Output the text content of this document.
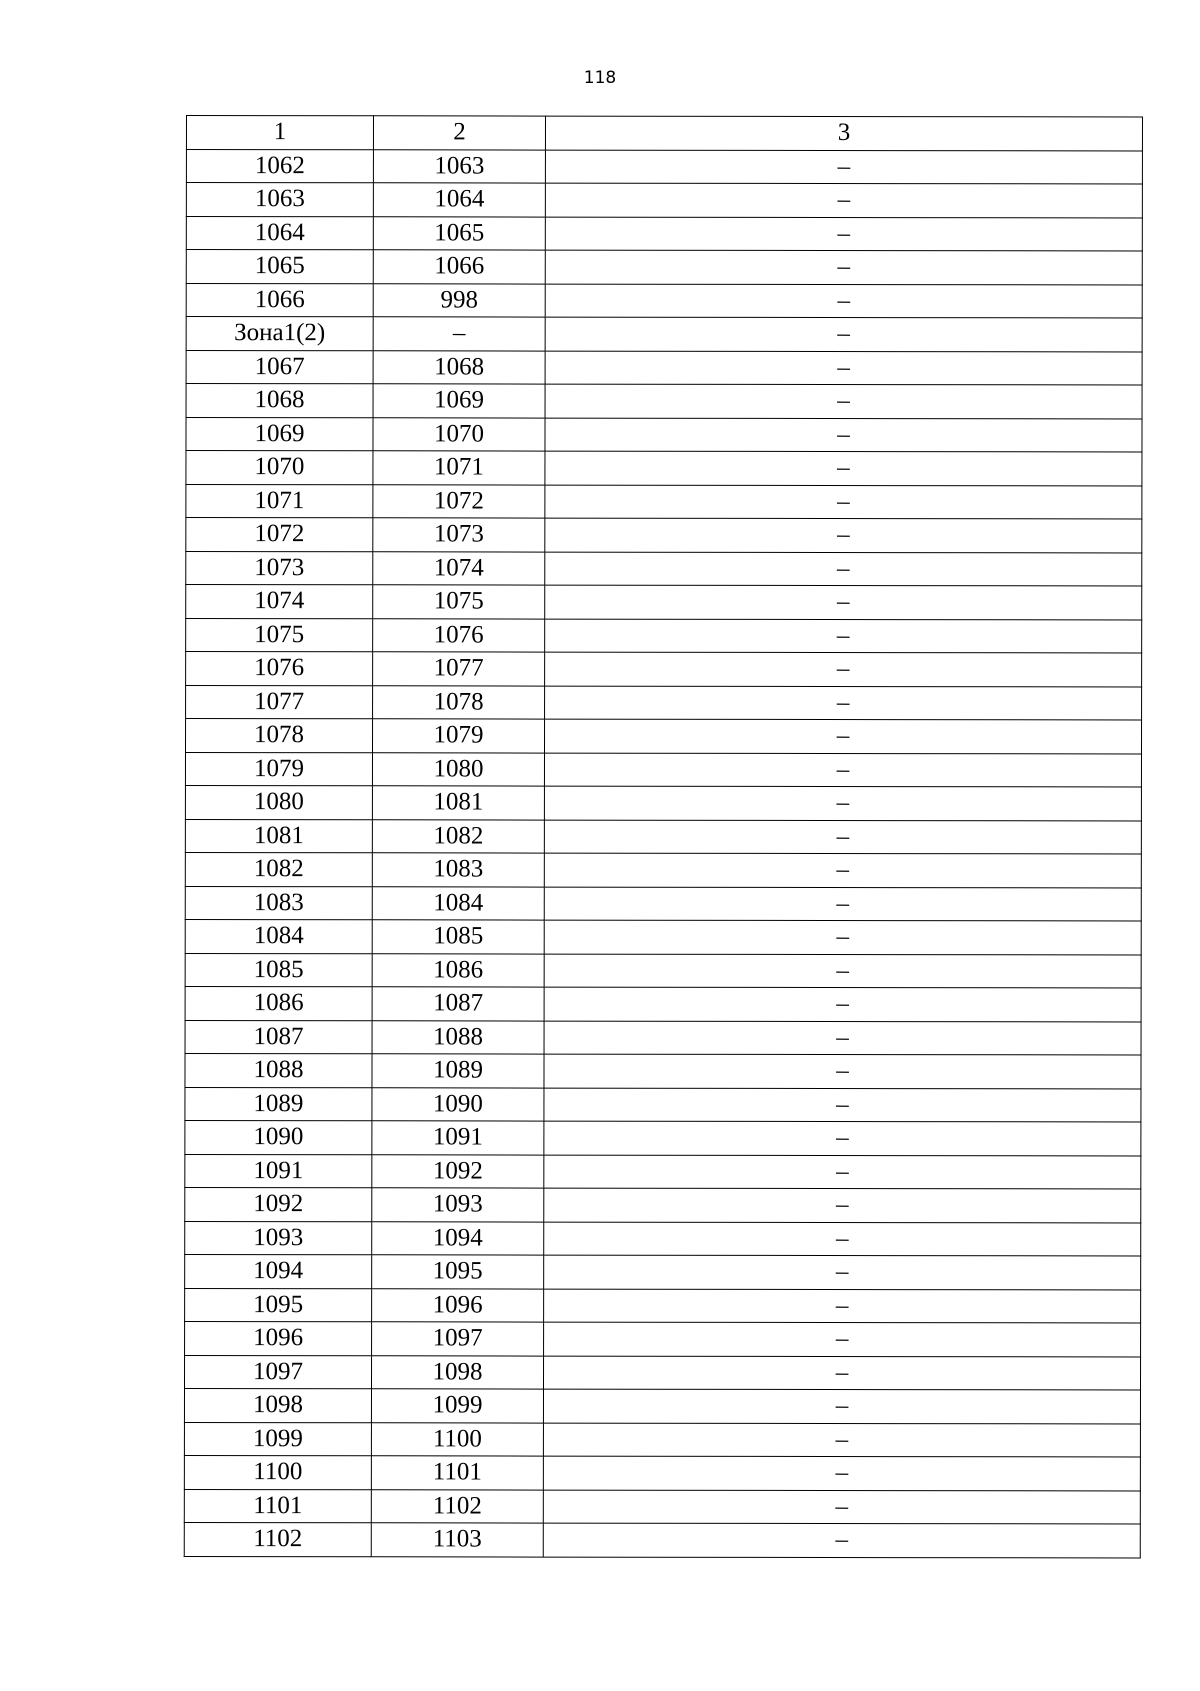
118
1	2	3
1062	1063	–
1063	1064	–
1064	1065	–
1065	1066	–
1066	998	–
Зона1(2)	–	–
1067	1068	–
1068	1069	–
1069	1070	–
1070	1071	–
1071	1072	–
1072	1073	–
1073	1074	–
1074	1075	–
1075	1076	–
1076	1077	–
1077	1078	–
1078	1079	–
1079	1080	–
1080	1081	–
1081	1082	–
1082	1083	–
1083	1084	–
1084	1085	–
1085	1086	–
1086	1087	–
1087	1088	–
1088	1089	–
1089	1090	–
1090	1091	–
1091	1092	–
1092	1093	–
1093	1094	–
1094	1095	–
1095	1096	–
1096	1097	–
1097	1098	–
1098	1099	–
1099	1100	–
1100	1101	–
1101	1102	–
1102	1103	–
